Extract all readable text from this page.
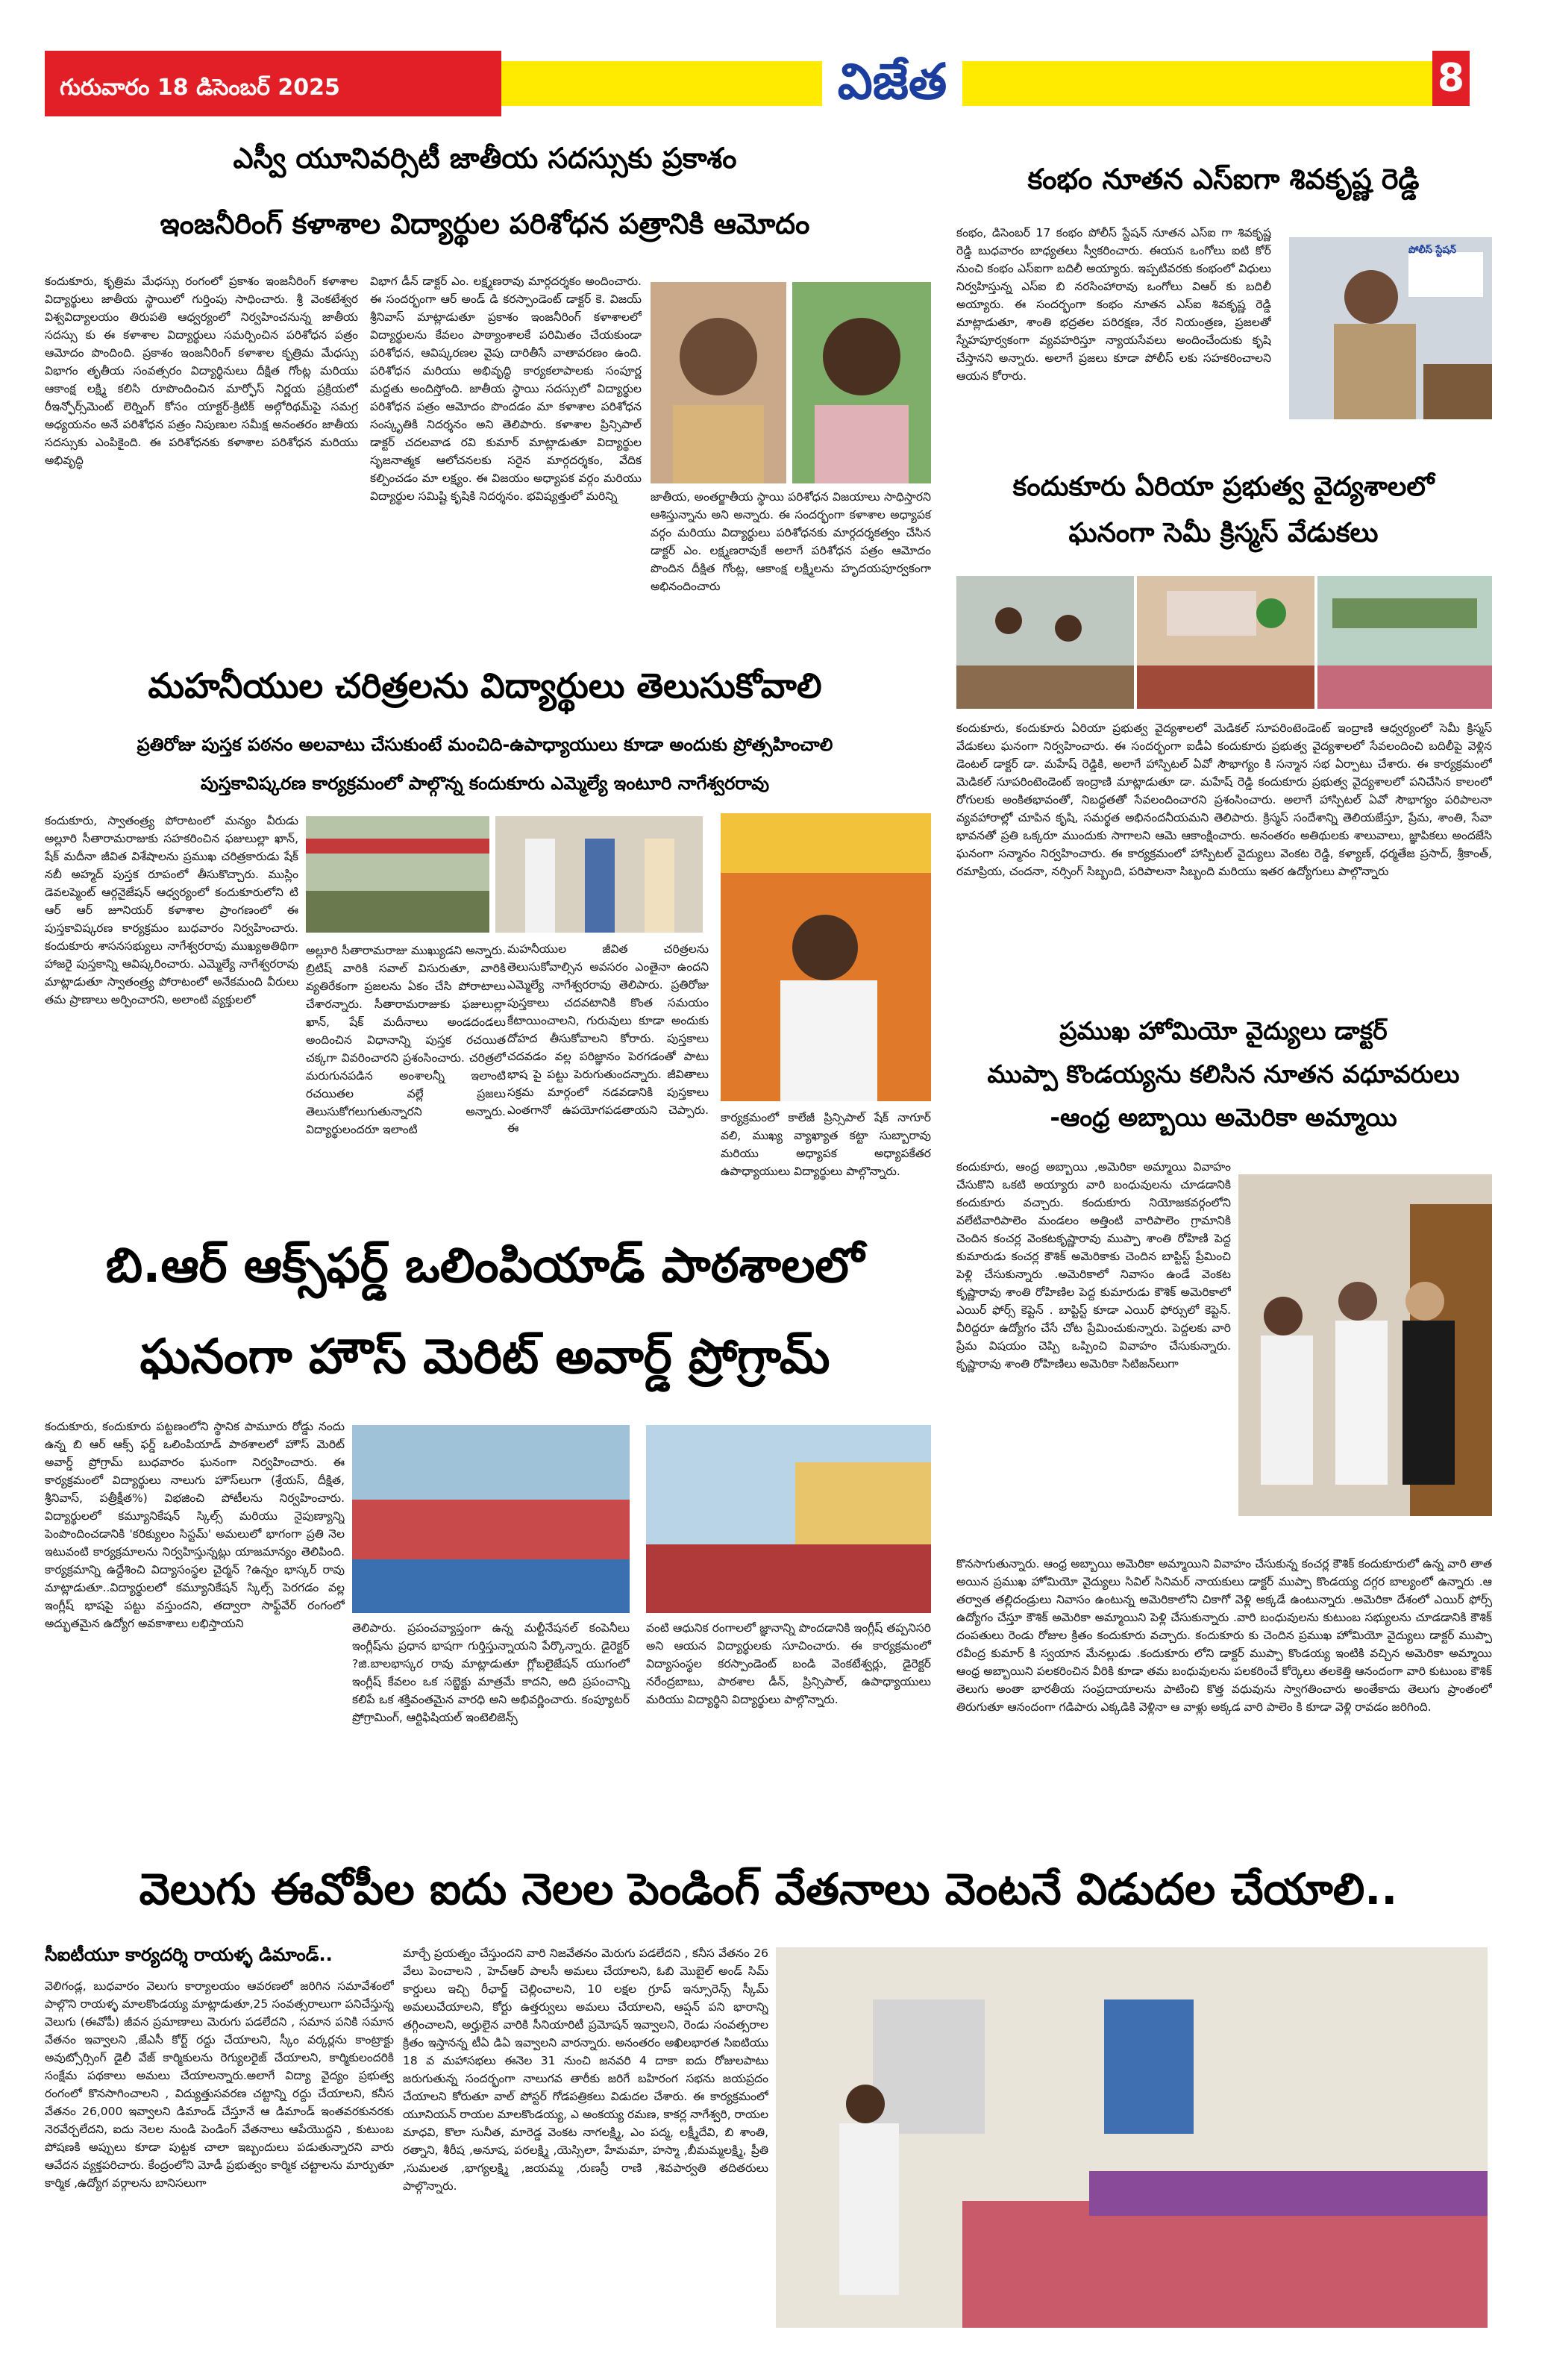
గురువారం 18 డిసెంబర్ 2025	విజేత	8
ఎస్వీ యూనివర్సిటీ జాతీయ సదస్సుకు ప్రకాశం
ఇంజనీరింగ్ కళాశాల విద్యార్థుల పరిశోధన పత్రానికి ఆమోదం
కందుకూరు, కృత్రిమ మేధస్సు రంగంలో ప్రకాశం ఇంజనీరింగ్ కళాశాల విద్యార్థులు జాతీయ స్థాయిలో గుర్తింపు సాధించారు. శ్రీ వెంకటేశ్వర విశ్వవిద్యాలయం తిరుపతి ఆధ్వర్యంలో నిర్వహించనున్న జాతీయ సదస్సు కు ఈ కళాశాల విద్యార్థులు సమర్పించిన పరిశోధన పత్రం ఆమోదం పొందింది. ప్రకాశం ఇంజనీరింగ్ కళాశాల కృత్రిమ మేధస్సు విభాగం తృతీయ సంవత్సరం విద్యార్థినులు దీక్షిత గోంట్ల మరియు ఆకాంక్ష లక్ష్మి కలిసి రూపొందించిన మార్ఫోస్ నిర్ణయ ప్రక్రియలో రీఇన్ఫోర్స్‌మెంట్ లెర్నింగ్ కోసం యాక్టర్-క్రిటిక్ అల్గోరిథమ్‌పై సమగ్ర అధ్యయనం అనే పరిశోధన పత్రం నిపుణుల సమీక్ష అనంతరం జాతీయ సదస్సుకు ఎంపికైంది. ఈ పరిశోధనకు కళాశాల పరిశోధన మరియు అభివృద్ధి
విభాగ డీన్ డాక్టర్ ఎం. లక్ష్మణరావు మార్గదర్శకం అందించారు. ఈ సందర్భంగా ఆర్ అండ్ డి కరస్పాండెంట్ డాక్టర్ కె. విజయ్ శ్రీనివాస్ మాట్లాడుతూ ప్రకాశం ఇంజనీరింగ్ కళాశాలలో విద్యార్థులను కేవలం పాఠ్యాంశాలకే పరిమితం చేయకుండా పరిశోధన, ఆవిష్కరణల వైపు దారితీసే వాతావరణం ఉంది. పరిశోధన మరియు అభివృద్ధి కార్యకలాపాలకు సంపూర్ణ మద్దతు అందిస్తోంది. జాతీయ స్థాయి సదస్సులో విద్యార్థుల పరిశోధన పత్రం ఆమోదం పొందడం మా కళాశాల పరిశోధన సంస్కృతికి నిదర్శనం అని తెలిపారు. కళాశాల ప్రిన్సిపాల్ డాక్టర్ చదలవాడ రవి కుమార్ మాట్లాడుతూ విద్యార్థుల సృజనాత్మక ఆలోచనలకు సరైన మార్గదర్శకం, వేదిక కల్పించడం మా లక్ష్యం. ఈ విజయం అధ్యాపక వర్గం మరియు విద్యార్థుల సమిష్టి కృషికి నిదర్శనం. భవిష్యత్తులో మరిన్ని	జాతీయ, అంతర్జాతీయ స్థాయి పరిశోధన విజయాలు సాధిస్తారని ఆశిస్తున్నాను అని అన్నారు. ఈ సందర్భంగా కళాశాల అధ్యాపక వర్గం మరియు విద్యార్థులు పరిశోధనకు మార్గదర్శకత్వం చేసిన డాక్టర్ ఎం. లక్ష్మణరావుకే అలాగే పరిశోధన పత్రం ఆమోదం పొందిన దీక్షిత గోంట్ల, ఆకాంక్ష లక్ష్మిలను హృదయపూర్వకంగా అభినందించారు
కంభం నూతన ఎస్ఐగా శివకృష్ణ రెడ్డి
కంభం, డిసెంబర్ 17 కంభం పోలీస్ స్టేషన్ నూతన ఎస్ఐ గా శివకృష్ణ రెడ్డి బుధవారం బాధ్యతలు స్వీకరించారు. ఈయన ఒంగోలు ఐటి కోర్ నుంచి కంభం ఎస్ఐగా బదిలీ అయ్యారు. ఇప్పటివరకు కంభంలో విధులు నిర్వహిస్తున్న ఎస్ఐ బి నరసింహారావు ఒంగోలు విఆర్ కు బదిలీ అయ్యారు. ఈ సందర్భంగా కంభం నూతన ఎస్ఐ శివకృష్ణ రెడ్డి మాట్లాడుతూ, శాంతి భద్రతల పరిరక్షణ, నేర నియంత్రణ, ప్రజలతో స్నేహపూర్వకంగా వ్యవహరిస్తూ న్యాయసేవలు అందించేందుకు కృషి చేస్తానని అన్నారు. అలాగే ప్రజలు కూడా పోలీస్ లకు సహకరించాలని ఆయన కోరారు.
పోలీస్ స్టేషన్
కందుకూరు ఏరియా ప్రభుత్వ వైద్యశాలలో
ఘనంగా సెమీ క్రిస్మస్ వేడుకలు
కందుకూరు, కందుకూరు ఏరియా ప్రభుత్వ వైద్యశాలలో మెడికల్ సూపరింటెండెంట్ ఇంద్రాణి ఆధ్వర్యంలో సెమీ క్రిస్మస్ వేడుకలు ఘనంగా నిర్వహించారు. ఈ సందర్భంగా ఐడీఏ కందుకూరు ప్రభుత్వ వైద్యశాలలో సేవలందించి బదిలీపై వెళ్లిన డెంటల్ డాక్టర్ డా. మహేష్ రెడ్డికి, అలాగే హాస్పిటల్ ఏవో సౌభాగ్యం కి సన్మాన సభ ఏర్పాటు చేశారు. ఈ కార్యక్రమంలో మెడికల్ సూపరింటెండెంట్ ఇంద్రాణి మాట్లాడుతూ డా. మహేష్ రెడ్డి కందుకూరు ప్రభుత్వ వైద్యశాలలో పనిచేసిన కాలంలో రోగులకు అంకితభావంతో, నిబద్ధతతో సేవలందించారని ప్రశంసించారు. అలాగే హాస్పిటల్ ఏవో సౌభాగ్యం పరిపాలనా వ్యవహారాల్లో చూపిన కృషి, సమర్థత అభినందనీయమని తెలిపారు. క్రిస్మస్ సందేశాన్ని తెలియజేస్తూ, ప్రేమ, శాంతి, సేవా భావనతో ప్రతి ఒక్కరూ ముందుకు సాగాలని ఆమె ఆకాంక్షించారు. అనంతరం అతిథులకు శాలువాలు, జ్ఞాపికలు అందజేసి ఘనంగా సన్మానం నిర్వహించారు. ఈ కార్యక్రమంలో హాస్పిటల్ వైద్యులు వెంకట రెడ్డి, కళ్యాణ్, ధర్మతేజ ప్రసాద్, శ్రీకాంత్, రమాప్రియ, చందనా, నర్సింగ్ సిబ్బంది, పరిపాలనా సిబ్బంది మరియు ఇతర ఉద్యోగులు పాల్గొన్నారు
మహనీయుల చరిత్రలను విద్యార్థులు తెలుసుకోవాలి
ప్రతిరోజు పుస్తక పఠనం అలవాటు చేసుకుంటే మంచిది-ఉపాధ్యాయులు కూడా అందుకు ప్రోత్సహించాలి
పుస్తకావిష్కరణ కార్యక్రమంలో పాల్గొన్న కందుకూరు ఎమ్మెల్యే ఇంటూరి నాగేశ్వరరావు
కందుకూరు, స్వాతంత్ర్య పోరాటంలో మన్యం వీరుడు అల్లూరి సీతారామరాజుకు సహకరించిన ఫజులుల్లా ఖాన్, షేక్ మదీనా జీవిత విశేషాలను ప్రముఖ చరిత్రకారుడు షేక్ నబీ అహ్మద్ పుస్తక రూపంలో తీసుకొచ్చారు. ముస్లిం డెవలప్మెంట్ ఆర్గనైజేషన్ ఆధ్వర్యంలో కందుకూరులోని టి ఆర్ ఆర్ జూనియర్ కళాశాల ప్రాంగణంలో ఈ పుస్తకావిష్కరణ కార్యక్రమం బుధవారం నిర్వహించారు. కందుకూరు శాసనసభ్యులు నాగేశ్వరరావు ముఖ్యఅతిథిగా హాజరై పుస్తకాన్ని ఆవిష్కరించారు. ఎమ్మెల్యే నాగేశ్వరరావు మాట్లాడుతూ స్వాతంత్ర్య పోరాటంలో అనేకమంది వీరులు తమ ప్రాణాలు అర్పించారని, అలాంటి వ్యక్తులలో
అల్లూరి సీతారామరాజు ముఖ్యుడని అన్నారు. బ్రిటిష్ వారికి సవాల్ విసురుతూ, వారికి వ్యతిరేకంగా ప్రజలను ఏకం చేసి పోరాటాలు చేశారన్నారు. సీతారామరాజుకు ఫజులుల్లా ఖాన్, షేక్ మదీనాలు అండదండలు అందించిన విధానాన్ని పుస్తక రచయిత చక్కగా వివరించారని ప్రశంసించారు. చరిత్రలో మరుగునపడిన అంశాలన్నీ ఇలాంటి రచయితల వల్లే ప్రజలు తెలుసుకోగలుగుతున్నారని అన్నారు. విద్యార్థులందరూ ఇలాంటి
మహనీయుల జీవిత చరిత్రలను తెలుసుకోవాల్సిన అవసరం ఎంతైనా ఉందని ఎమ్మెల్యే నాగేశ్వరరావు తెలిపారు. ప్రతిరోజు పుస్తకాలు చదవటానికి కొంత సమయం కేటాయించాలని, గురువులు కూడా అందుకు దోహద తీసుకోవాలని కోరారు. పుస్తకాలు చదవడం వల్ల పరిజ్ఞానం పెరగడంతో పాటు భాష పై పట్టు పెరుగుతుందన్నారు. జీవితాలు సక్రమ మార్గంలో నడవడానికి పుస్తకాలు ఎంతగానో ఉపయోగపడతాయని చెప్పారు. ఈ
కార్యక్రమంలో కాలేజీ ప్రిన్సిపాల్ షేక్ నాగూర్ వలి, ముఖ్య వ్యాఖ్యాత కట్టా సుబ్బారావు మరియు అధ్యాపక అధ్యాపకేతర ఉపాధ్యాయులు విద్యార్థులు పాల్గొన్నారు.
బి.ఆర్ ఆక్స్‌ఫర్డ్ ఒలింపియాడ్ పాఠశాలలో
ఘనంగా హౌస్ మెరిట్ అవార్డ్ ప్రోగ్రామ్
కందుకూరు, కందుకూరు పట్టణంలోని స్థానిక పామూరు రోడ్డు నందు ఉన్న బి ఆర్ ఆక్స్ ఫర్డ్ ఒలింపియాడ్ పాఠశాలలో హౌస్ మెరిట్ అవార్డ్ ప్రోగ్రామ్ బుధవారం ఘనంగా నిర్వహించారు. ఈ కార్యక్రమంలో విద్యార్థులు నాలుగు హౌస్‌లుగా (శ్రేయస్, దీక్షిత, శ్రీనివాస్, పత్రీక్షీత%) విభజించి పోటీలను నిర్వహించారు. విద్యార్థులలో కమ్యూనికేషన్ స్కిల్స్ మరియు నైపుణ్యాన్ని పెంపొందించడానికి 'కరిక్యులం సిస్టమ్' అమలులో భాగంగా ప్రతి నెల ఇటువంటి కార్యక్రమాలను నిర్వహిస్తున్నట్లు యాజమాన్యం తెలిపింది. కార్యక్రమాన్ని ఉద్దేశించి విద్యాసంస్థల చైర్మన్ ?ఉన్నం భాస్కర్ రావు మాట్లాడుతూ..విద్యార్థులలో కమ్యూనికేషన్ స్కిల్స్ పెరగడం వల్ల ఇంగ్లీష్ భాషపై పట్టు వస్తుందని, తద్వారా సాఫ్ట్‌వేర్ రంగంలో అద్భుతమైన ఉద్యోగ అవకాశాలు లభిస్తాయని	తెలిపారు. ప్రపంచవ్యాప్తంగా ఉన్న మల్టీనేషనల్ కంపెనీలు ఇంగ్లీష్‌ను ప్రధాన భాషగా గుర్తిస్తున్నాయని పేర్కొన్నారు. డైరెక్టర్ ?జి.బాలభాస్కర రావు మాట్లాడుతూ గ్లోబలైజేషన్ యుగంలో ఇంగ్లీష్ కేవలం ఒక సబ్జెక్టు మాత్రమే కాదని, అది ప్రపంచాన్ని కలిపే ఒక శక్తివంతమైన వారధి అని అభివర్ణించారు. కంప్యూటర్ ప్రోగ్రామింగ్, ఆర్టిఫిషియల్ ఇంటెలిజెన్స్
వంటి ఆధునిక రంగాలలో జ్ఞానాన్ని పొందడానికి ఇంగ్లీష్ తప్పనిసరి అని ఆయన విద్యార్థులకు సూచించారు. ఈ కార్యక్రమంలో విద్యాసంస్థల కరస్పాండెంట్ బండి వెంకటేశ్వర్లు, డైరెక్టర్ నరేంద్రబాబు, పాఠశాల డీన్, ప్రిన్సిపాల్, ఉపాధ్యాయులు మరియు విద్యార్థిని విద్యార్థులు పాల్గొన్నారు.
ప్రముఖ హోమియో వైద్యులు డాక్టర్
ముప్పా కొండయ్యను కలిసిన నూతన వధూవరులు
-ఆంధ్ర అబ్బాయి అమెరికా అమ్మాయి
కందుకూరు, ఆంధ్ర అబ్బాయి ,అమెరికా అమ్మాయి వివాహం చేసుకొని ఒకటి అయ్యారు వారి బంధువులను చూడడానికి కందుకూరు వచ్చారు. కందుకూరు నియోజకవర్గంలోని వలేటివారిపాలెం మండలం అత్తింటి వారిపాలెం గ్రామానికి చెందిన కంచర్ల వెంకటకృష్ణారావు ముప్పా శాంతి రోహిణి పెద్ద కుమారుడు కంచర్ల కౌశిక్ అమెరికాకు చెందిన బాప్టిస్ట్ ప్రేమించి పెళ్లి చేసుకున్నారు .అమెరికాలో నివాసం ఉండే వెంకట కృష్ణారావు శాంతి రోహిణిల పెద్ద కుమారుడు కౌశిక్ అమెరికాలో ఎయిర్ ఫోర్స్ కెప్టెన్ . బాప్టిస్ట్ కూడా ఎయిర్ ఫోర్సులో కెప్టెన్. వీరిద్దరూ ఉద్యోగం చేసే చోట ప్రేమించుకున్నారు. పెద్దలకు వారి ప్రేమ విషయం చెప్పి ఒప్పించి వివాహం చేసుకున్నారు. కృష్ణారావు శాంతి రోహిణిలు అమెరికా సిటిజన్‌లుగా
కొనసాగుతున్నారు. ఆంధ్ర అబ్బాయి అమెరికా అమ్మాయిని వివాహం చేసుకున్న కంచర్ల కౌశిక్ కందుకూరులో ఉన్న వారి తాత అయిన ప్రముఖ హోమియో వైద్యులు సివిల్ సినిమర్ నాయకులు డాక్టర్ ముప్పా కొండయ్య దగ్గర బాల్యంలో ఉన్నారు .ఆ తర్వాత తల్లిదండ్రులు నివాసం ఉంటున్న అమెరికాలోని చికాగో వెళ్లి అక్కడే ఉంటున్నారు .అమెరికా దేశంలో ఎయిర్ ఫోర్స్ ఉద్యోగం చేస్తూ కౌశిక్ అమెరికా అమ్మాయిని పెళ్లి చేసుకున్నారు .వారి బంధువులను కుటుంబ సభ్యులను చూడడానికి కౌశిక్ దంపతులు రెండు రోజుల క్రితం కందుకూరు వచ్చారు. కందుకూరు కు చెందిన ప్రముఖ హోమియో వైద్యులు డాక్టర్ ముప్పా రవీంద్ర కుమార్ కి స్వయాన మేనల్లుడు .కందుకూరు లోని డాక్టర్ ముప్పా కొండయ్య ఇంటికి వచ్చిన అమెరికా అమ్మాయి ఆంధ్ర అబ్బాయిని పలకరించిన వీరికి కూడా తమ బంధువులను పలకరించే కోర్కెలు తలకెత్తి ఆనందంగా వారి కుటుంబ కౌశిక్ తెలుగు అంతా భారతీయ సంప్రదాయాలను పాటించి కొత్త వధువును స్వాగతించారు అంతేకాదు తెలుగు ప్రాంతంలో తిరుగుతూ ఆనందంగా గడిపారు ఎక్కడికి వెళ్లినా ఆ వాళ్లు అక్కడ వారి పాలెం కి కూడా వెళ్లి రావడం జరిగింది.
వెలుగు ఈవోపీల ఐదు నెలల పెండింగ్ వేతనాలు వెంటనే విడుదల చేయాలి..
సీఐటీయూ కార్యదర్శి రాయళ్ళ డిమాండ్..
వెలిగండ్ల, బుధవారం వెలుగు కార్యాలయం ఆవరణలో జరిగిన సమావేశంలో పాల్గొని రాయళ్ళ మాలకొండయ్య మాట్లాడుతూ,25 సంవత్సరాలుగా పనిచేస్తున్న వెలుగు (ఈవోపీ) జీవన ప్రమాణాలు మెరుగు పడలేదని , సమాన పనికి సమాన వేతనం ఇవ్వాలని ,జేఎసీ కోర్ట్ రద్దు చేయాలని, స్కీం వర్కర్లను కాంట్రాక్టు అవుట్సోర్సింగ్ డైలీ వేజ్ కార్మికులను రెగ్యులరైజ్ చేయాలని, కార్మికులందరికి సంక్షేమ పథకాలు అమలు చేయాలన్నారు.అలాగే విద్యా వైద్యం ప్రభుత్వ రంగంలో కొనసాగించాలని , విద్యుత్తుసవరణ చట్టాన్ని రద్దు చేయాలని, కనీస వేతనం 26,000 ఇవ్వాలని డిమాండ్ చేస్తూనే ఆ డిమాండ్ ఇంతవరకునరకు నెరవేర్చలేదని, ఐదు నెలల నుండి పెండింగ్ వేతనాలు ఆపేయొద్దని , కుటుంబ పోషణకి అప్పులు కూడా పుట్టక చాలా ఇబ్బందులు పడుతున్నారని వారు ఆవేదన వ్యక్తపరిచారు. కేంద్రంలోని మోడీ ప్రభుత్వం కార్మిక చట్టాలను మార్పుతూ కార్మిక ,ఉద్యోగ వర్గాలను బానిసలుగా
మార్చే ప్రయత్నం చేస్తుందని వారి నిజవేతనం మెరుగు పడలేదని , కనీస వేతనం 26 వేలు పెంచాలని , హెచ్ఆర్ పాలసీ అమలు చేయాలని, ఓబి మొబైల్ అండ్ సిమ్ కార్డులు ఇచ్చి రీఛార్జ్ చెల్లించాలని, 10 లక్షల గ్రూప్ ఇన్సూరెన్స్ స్కీమ్ అమలుచేయాలని, కోర్టు ఉత్తర్వులు అమలు చేయాలని, ఆప్షన్ పని భారాన్ని తగ్గించాలని, అర్హులైన వారికి సీనియారిటీ ప్రమోషన్ ఇవ్వాలని, రెండు సంవత్సరాల క్రితం ఇస్తానన్న టీఏ డిఏ ఇవ్వాలని వారన్నారు. అనంతరం అఖిలభారత సిఐటియు 18 వ మహాసభలు ఈనెల 31 నుంచి జనవరి 4 దాకా ఐదు రోజులపాటు జరుగుతున్న సందర్భంగా నాలుగవ తారీకు జరిగే బహిరంగ సభను జయప్రదం చేయాలని కోరుతూ వాల్ పోస్టర్ గోడపత్రికలు విడుదల చేశారు. ఈ కార్యక్రమంలో యూనియన్ రాయల మాలకొండయ్య, ఎ అంకయ్య రమణ, కాకర్ల నాగేశ్వరి, రాయల మాధవి, కొలా సునీత, మారెడ్డ వెంకట నాగలక్ష్మి, ఎం పద్మ, లక్ష్మీదేవి, బి శాంతి, రత్నాని, శీరీష ,అనూష, పరలక్ష్మి ,యెస్సిలా, హేమమా, హస్మా ,బీమమ్మలక్ష్మి, ప్రీతి ,సుమలత ,భాగ్యలక్ష్మి ,జయమ్మ ,రుణస్రీ రాణి ,శివపార్వతి తదితరులు పాల్గొన్నారు.
